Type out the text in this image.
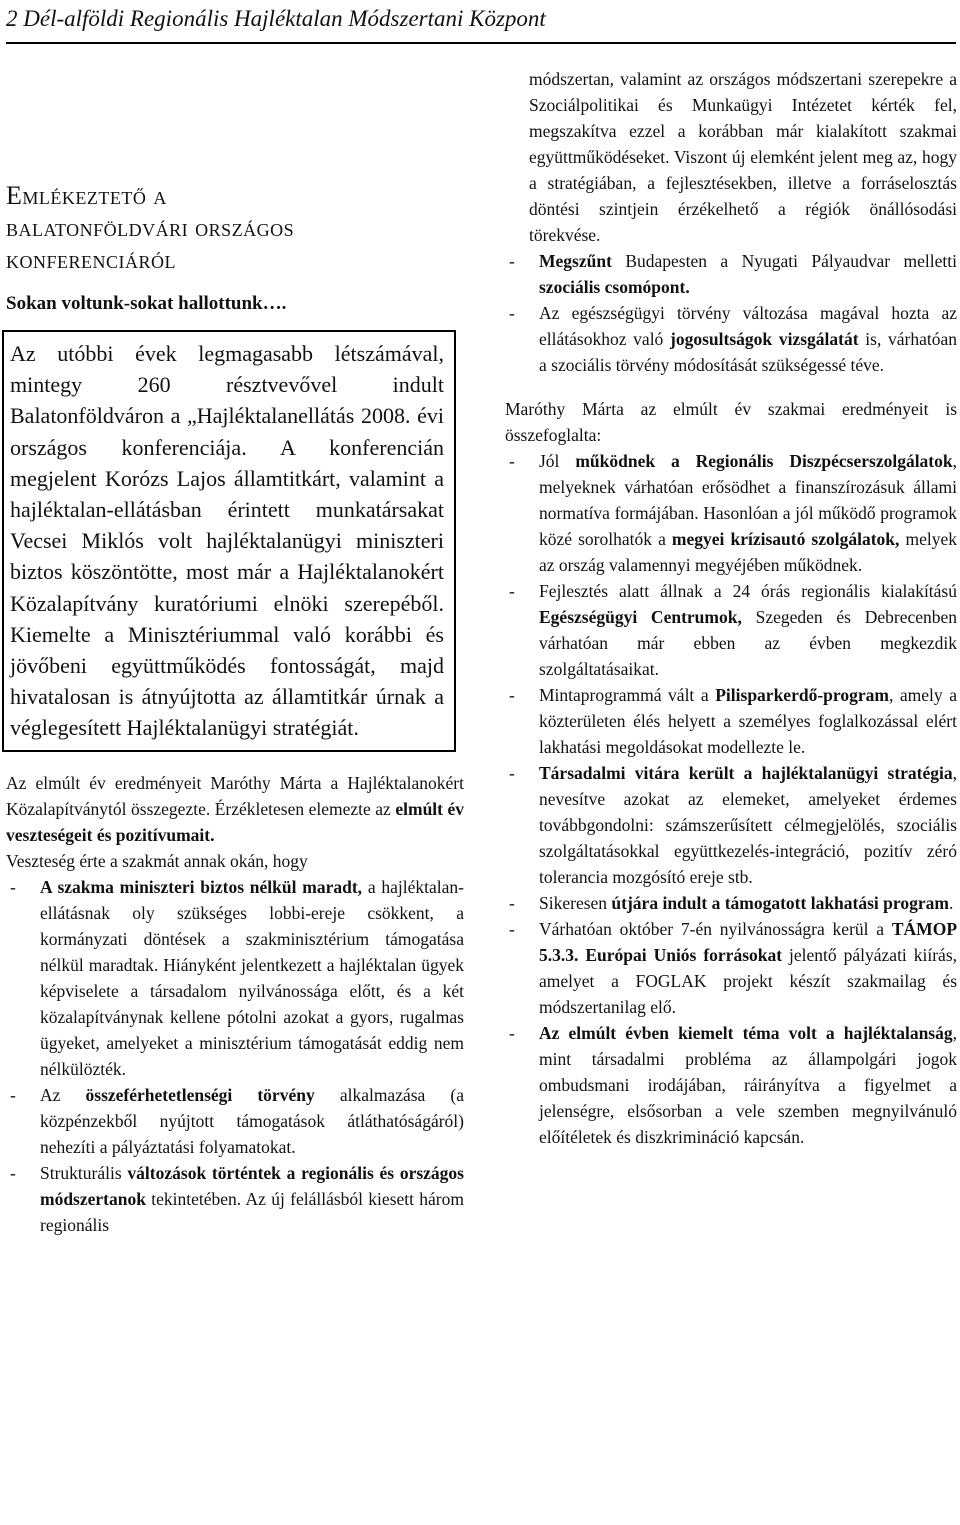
2 Dél-alföldi Regionális Hajléktalan Módszertani Központ
Emlékeztető a
balatonföldvári országos
konferenciáról
Sokan voltunk-sokat hallottunk….
Az utóbbi évek legmagasabb létszámával, mintegy 260 résztvevővel indult Balatonföldváron a „Hajléktalanellátás 2008. évi országos konferenciája. A konferencián megjelent Korózs Lajos államtitkárt, valamint a hajléktalan-ellátásban érintett munkatársakat Vecsei Miklós volt hajléktalanügyi miniszteri biztos köszöntötte, most már a Hajléktalanokért Közalapítvány kuratóriumi elnöki szerepéből. Kiemelte a Minisztériummal való korábbi és jövőbeni együttműködés fontosságát, majd hivatalosan is átnyújtotta az államtitkár úrnak a véglegesített Hajléktalanügyi stratégiát.

Az elmúlt év eredményeit Maróthy Márta a Hajléktalanokért Közalapítványtól összegezte. Érzékletesen elemezte az elmúlt év veszteségeit és pozitívumait.

Veszteség érte a szakmát annak okán, hogy

- A szakma miniszteri biztos nélkül maradt, a hajléktalan-ellátásnak oly szükséges lobbi-ereje csökkent, a kormányzati döntések a szakminisztérium támogatása nélkül maradtak. Hiányként jelentkezett a hajléktalan ügyek képviselete a társadalom nyilvánossága előtt, és a két közalapítványnak kellene pótolni azokat a gyors, rugalmas ügyeket, amelyeket a minisztérium támogatását eddig nem nélkülözték.
- Az összeférhetetlenségi törvény alkalmazása (a közpénzekből nyújtott támogatások átláthatóságáról) nehezíti a pályáztatási folyamatokat.
- Strukturális változások történtek a regionális és országos módszertanok tekintetében. Az új felállásból kiesett három regionális

módszertan, valamint az országos módszertani szerepekre a Szociálpolitikai és Munkaügyi Intézetet kérték fel, megszakítva ezzel a korábban már kialakított szakmai együttműködéseket. Viszont új elemként jelent meg az, hogy a stratégiában, a fejlesztésekben, illetve a forráselosztás döntési szintjein érzékelhető a régiók önállósodási törekvése.

- Megszűnt Budapesten a Nyugati Pályaudvar melletti szociális csomópont.
- Az egészségügyi törvény változása magával hozta az ellátásokhoz való jogosultságok vizsgálatát is, várhatóan a szociális törvény módosítását szükségessé téve.

Maróthy Márta az elmúlt év szakmai eredményeit is összefoglalta:

- Jól működnek a Regionális Diszpécserszolgálatok, melyeknek várhatóan erősödhet a finanszírozásuk állami normatíva formájában. Hasonlóan a jól működő programok közé sorolhatók a megyei krízisautó szolgálatok, melyek az ország valamennyi megyéjében működnek.
- Fejlesztés alatt állnak a 24 órás regionális kialakítású Egészségügyi Centrumok, Szegeden és Debrecenben várhatóan már ebben az évben megkezdik szolgáltatásaikat.
- Mintaprogrammá vált a Pilisparkerdő-program, amely a közterületen élés helyett a személyes foglalkozással elért lakhatási megoldásokat modellezte le.
- Társadalmi vitára került a hajléktalanügyi stratégia, nevesítve azokat az elemeket, amelyeket érdemes továbbgondolni: számszerűsített célmegjelölés, szociális szolgáltatásokkal együttkezelés-integráció, pozitív zéró tolerancia mozgósító ereje stb.
- Sikeresen útjára indult a támogatott lakhatási program.
- Várhatóan október 7-én nyilvánosságra kerül a TÁMOP 5.3.3. Európai Uniós forrásokat jelentő pályázati kiírás, amelyet a FOGLAK projekt készít szakmailag és módszertanilag elő.
- Az elmúlt évben kiemelt téma volt a hajléktalanság, mint társadalmi probléma az állampolgári jogok ombudsmani irodájában, ráirányítva a figyelmet a jelenségre, elsősorban a vele szemben megnyilvánuló előítéletek és diszkrimináció kapcsán.
